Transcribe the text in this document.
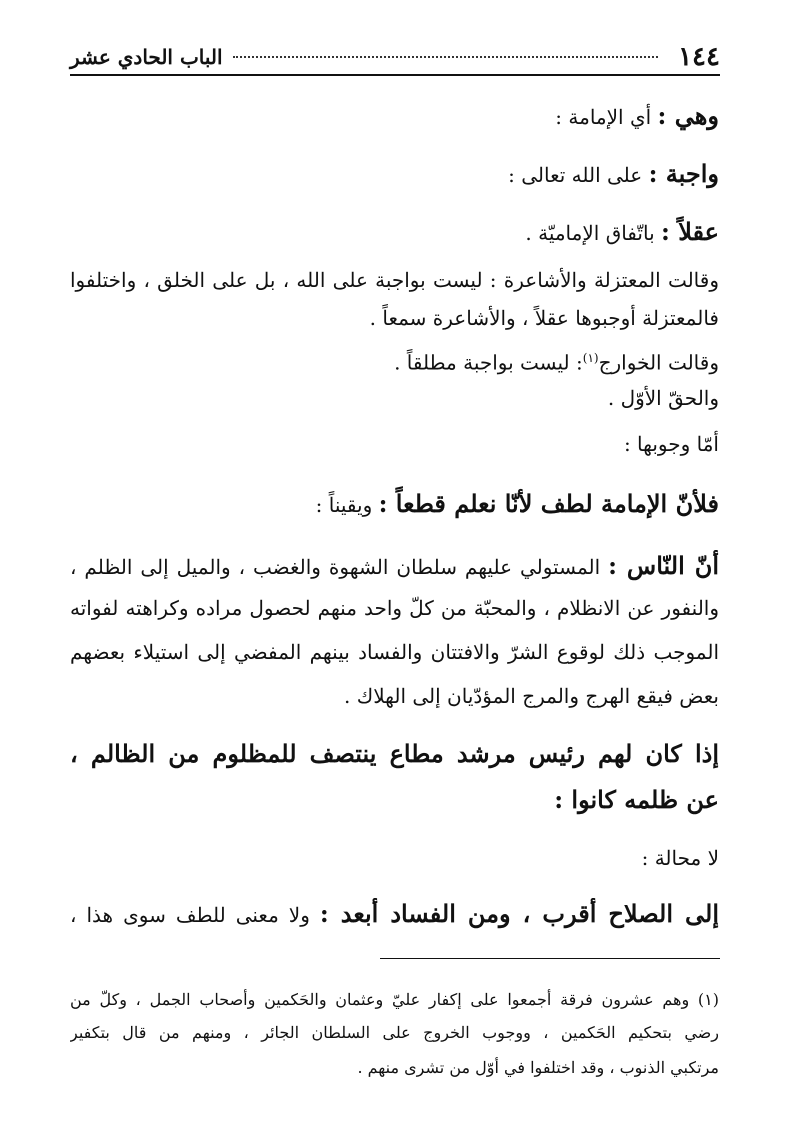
١٤٤
الباب الحادي عشر
وهي : أي الإمامة :
واجبة : على الله تعالى :
عقلاً : باتّفاق الإماميّة .
وقالت المعتزلة والأشاعرة : ليست بواجبة على الله ، بل على الخلق ، واختلفوا
فالمعتزلة أوجبوها عقلاً ، والأشاعرة سمعاً .
وقالت الخوارج$^{(١)}$: ليست بواجبة مطلقاً .
والحقّ الأوّل .
أمّا وجوبها :
فلأنّ الإمامة لطف لأنّا نعلم قطعاً : ويقيناً :
أنّ النّاس : المستولي عليهم سلطان الشهوة والغضب ، والميل إلى الظلم ،
والنفور عن الانظلام ، والمحبّة من كلّ واحد منهم لحصول مراده وكراهته لفواته
الموجب ذلك لوقوع الشرّ والافتتان والفساد بينهم المفضي إلى استيلاء بعضهم
بعض فيقع الهرج والمرج المؤدّيان إلى الهلاك .
إذا كان لهم رئيس مرشد مطاع ينتصف للمظلوم من الظالم ،
عن ظلمه كانوا :
لا محالة :
إلى الصلاح أقرب ، ومن الفساد أبعد : ولا معنى للطف سوى هذا ،
(١) وهم عشرون فرقة أجمعوا على إكفار عليّ وعثمان والحَكمين وأصحاب الجمل ، وكلّ من
رضي بتحكيم الحَكمين ، ووجوب الخروج على السلطان الجائر ، ومنهم من قال بتكفير
مرتكبي الذنوب ، وقد اختلفوا في أوّل من تشرى منهم .
